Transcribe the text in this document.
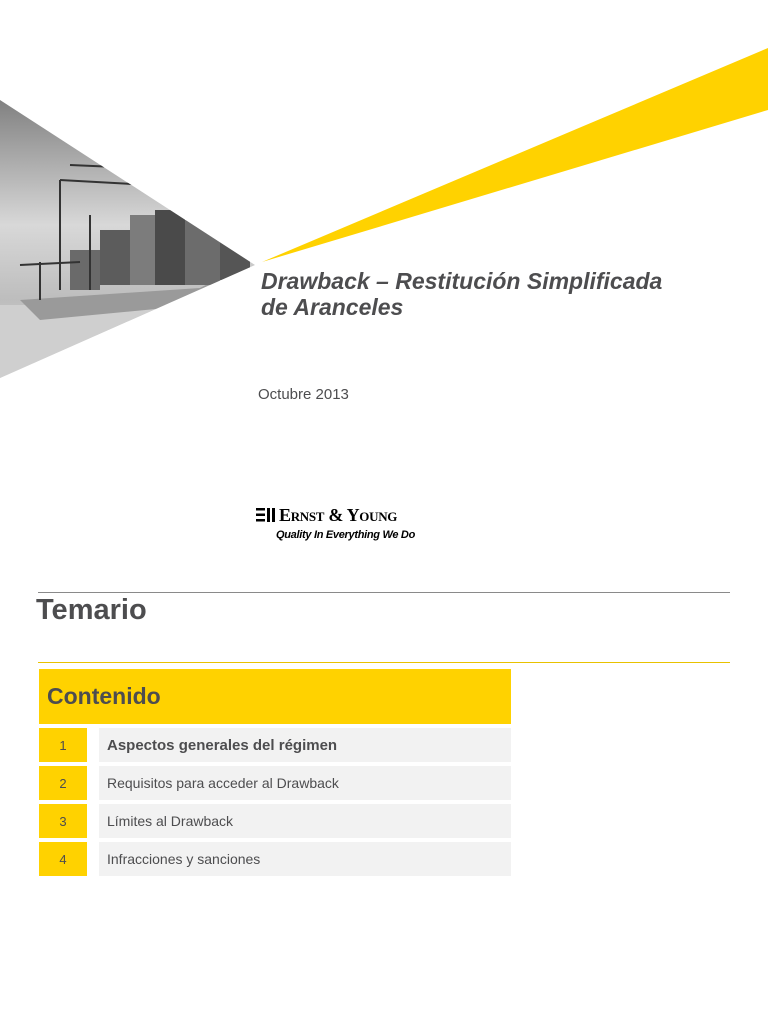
Drawback – Restitución Simplificada
de Aranceles
Octubre 2013
Ernst & Young
Quality In Everything We Do
Temario
Contenido
1	Aspectos generales del régimen
2	Requisitos para acceder al Drawback
3	Límites al Drawback
4	Infracciones y sanciones
